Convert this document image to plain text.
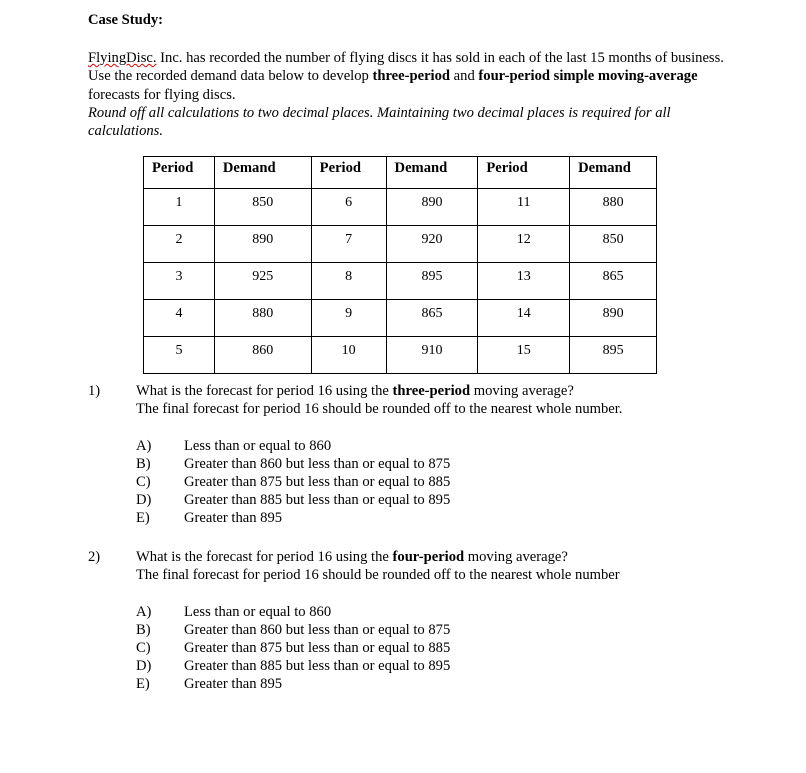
Case Study:

FlyingDisc. Inc. has recorded the number of flying discs it has sold in each of the last 15 months of business. Use the recorded demand data below to develop three-period and four-period simple moving-average forecasts for flying discs.
Round off all calculations to two decimal places. Maintaining two decimal places is required for all calculations.

Period	Demand	Period	Demand	Period	Demand
1	850	6	890	11	880
2	890	7	920	12	850
3	925	8	895	13	865
4	880	9	865	14	890
5	860	10	910	15	895
1) What is the forecast for period 16 using the three-period moving average?
The final forecast for period 16 should be rounded off to the nearest whole number.
A)	Less than or equal to 860
B)	Greater than 860 but less than or equal to 875
C)	Greater than 875 but less than or equal to 885
D)	Greater than 885 but less than or equal to 895
E)	Greater than 895
2) What is the forecast for period 16 using the four-period moving average?
The final forecast for period 16 should be rounded off to the nearest whole number
A)	Less than or equal to 860
B)	Greater than 860 but less than or equal to 875
C)	Greater than 875 but less than or equal to 885
D)	Greater than 885 but less than or equal to 895
E)	Greater than 895
